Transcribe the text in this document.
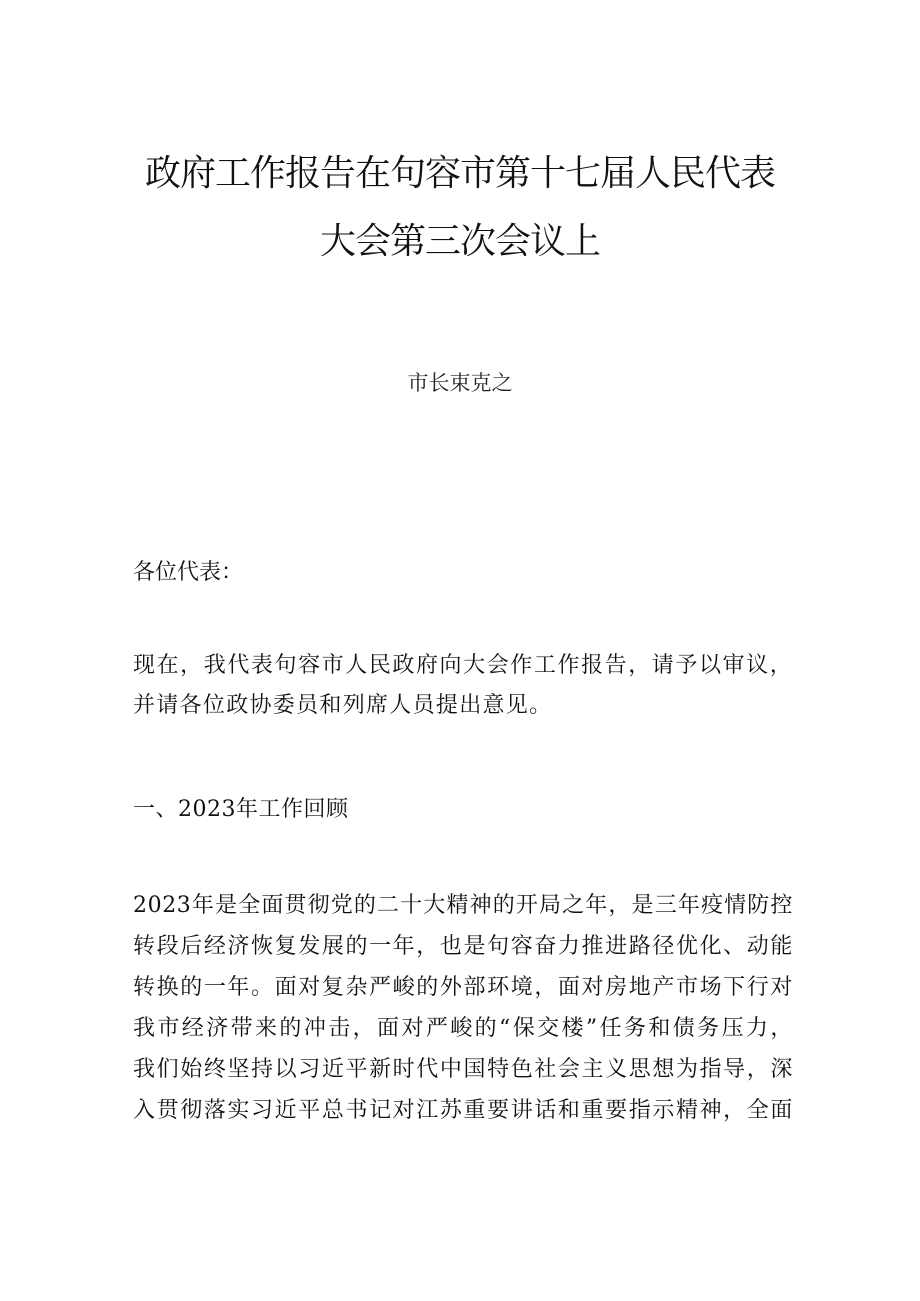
政府工作报告在句容市第十七届人民代表
大会第三次会议上

市长束克之

各位代表：

现在，我代表句容市人民政府向大会作工作报告，请予以审议，
并请各位政协委员和列席人员提出意见。

一、2023年工作回顾

2023年是全面贯彻党的二十大精神的开局之年，是三年疫情防控
转段后经济恢复发展的一年，也是句容奋力推进路径优化、动能
转换的一年。面对复杂严峻的外部环境，面对房地产市场下行对
我市经济带来的冲击，面对严峻的“保交楼”任务和债务压力，
我们始终坚持以习近平新时代中国特色社会主义思想为指导，深
入贯彻落实习近平总书记对江苏重要讲话和重要指示精神，全面
